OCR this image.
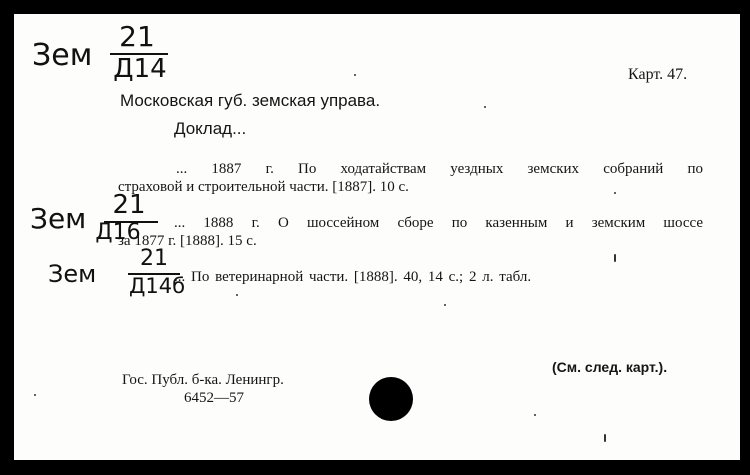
Зем
21
Д14	Карт. 47.
Московская губ. земская управа.
Доклад...
... 1887 г. По ходатайствам уездных земских собраний по
страховой и строительной части. [1887]. 10 с.
Зем 21
Д16	... 1888 г. О шоссейном сборе по казенным и земским шоссе
за 1877 г. [1888]. 15 с.
Зем
21
Д14б
... По ветеринарной части. [1888]. 40, 14 с.; 2 л. табл.
Гос. Публ. б-ка. Ленингр.
6452—57
(См. след. карт.).
